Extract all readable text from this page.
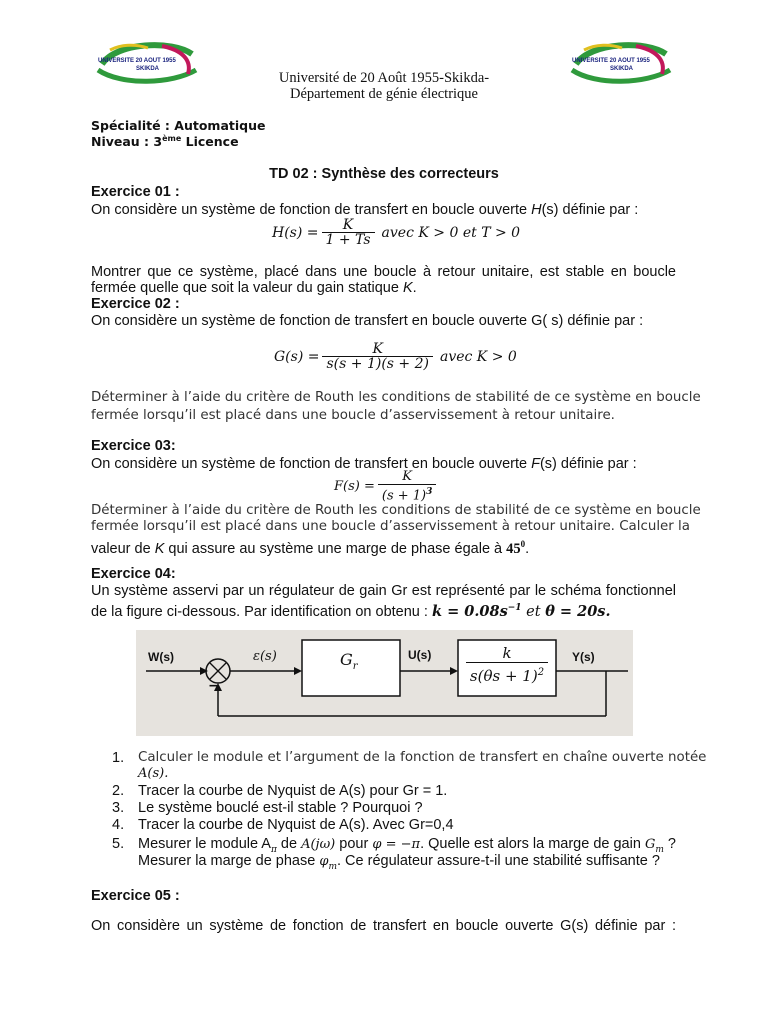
UNIVERSITE 20 AOUT 1955
SKIKDA
UNIVERSITE 20 AOUT 1955
SKIKDA
Université de 20 Août 1955-Skikda-
Département de génie électrique
Spécialité : Automatique
Niveau : 3ème Licence
TD 02 : Synthèse des correcteurs
Exercice 01 :
On considère un système de fonction de transfert en boucle ouverte H(s) définie par :
$H(s) = \frac{K}{1 + Ts}$ avec K > 0 et T > 0
Montrer que ce système, placé dans une boucle à retour unitaire, est stable en boucle
fermée quelle que soit la valeur du gain statique K.
Exercice 02 :
On considère un système de fonction de transfert en boucle ouverte G( s) définie par :
$G(s) = \frac{K}{s(s + 1)(s + 2)}$ avec K > 0
Déterminer à l’aide du critère de Routh les conditions de stabilité de ce système en boucle
fermée lorsqu’il est placé dans une boucle d’asservissement à retour unitaire.
Exercice 03:
On considère un système de fonction de transfert en boucle ouverte F(s) définie par :
$F(s) = \frac{K}{(s + 1)^3}$
Déterminer à l’aide du critère de Routh les conditions de stabilité de ce système en boucle
fermée lorsqu’il est placé dans une boucle d’asservissement à retour unitaire. Calculer la
valeur de K qui assure au système une marge de phase égale à $45^0$.
Exercice 04:
Un système asservi par un régulateur de gain Gr est représenté par le schéma fonctionnel
de la figure ci-dessous. Par identification on obtenu : $k = 0.08s^{-1}$ et θ = 20s.
W(s)	ε(s)
−
$G_r$
$U(s) \frac{k}{s(\theta s + 1)^2} Y(s)$
1. Calculer le module et l’argument de la fonction de transfert en chaîne ouverte notée
A(s).
2. Tracer la courbe de Nyquist de A(s) pour Gr = 1.
3. Le système bouclé est-il stable ? Pourquoi ?
4. Tracer la courbe de Nyquist de A(s). Avec Gr=0,4
5. Mesurer le module $A_\pi$ de A(jω) pour φ = −π. Quelle est alors la marge de gain $G_m$ ?
Mesurer la marge de phase $\varphi_m$. Ce régulateur assure-t-il une stabilité suffisante ?
Exercice 05 :
On considère un système de fonction de transfert en boucle ouverte G(s) définie par :
